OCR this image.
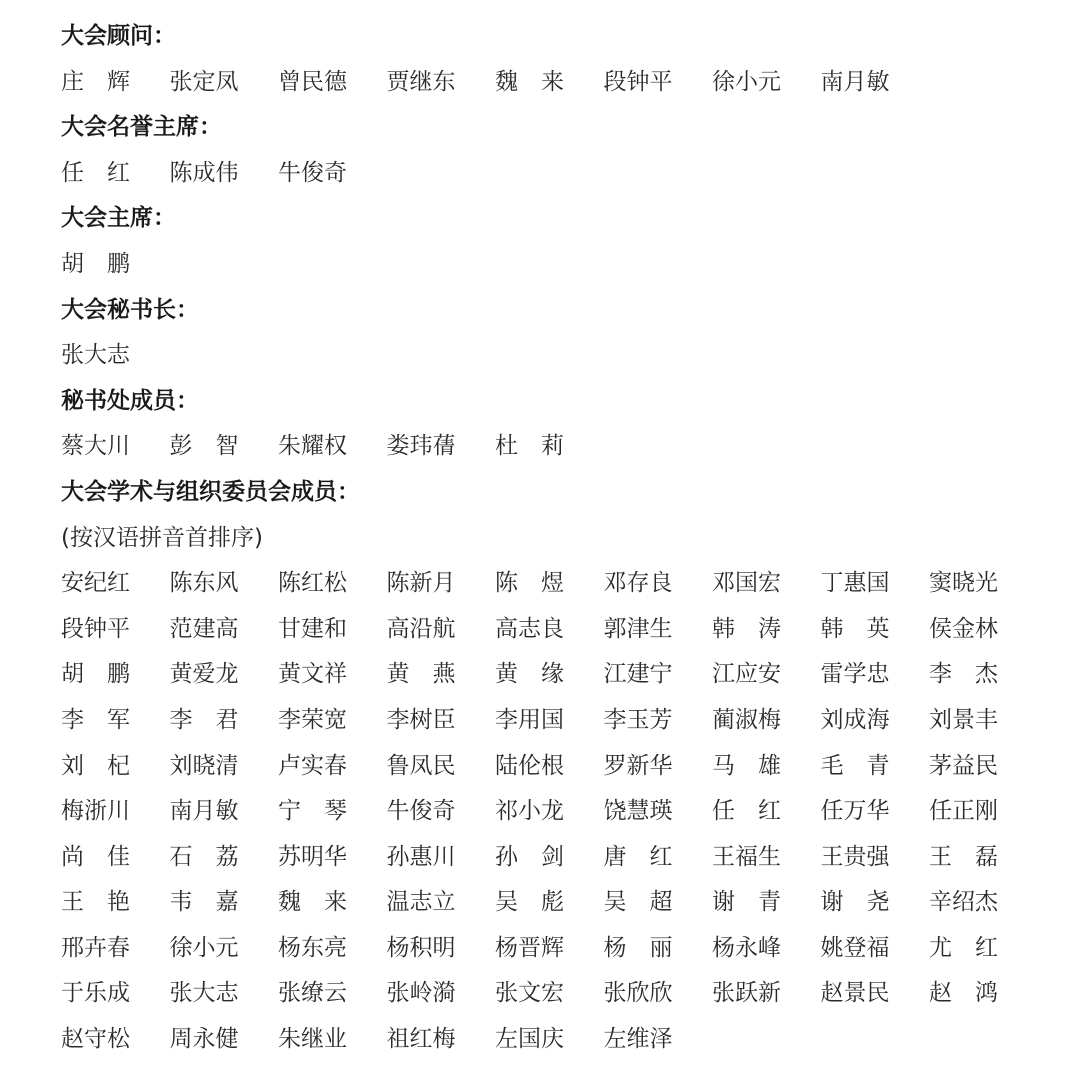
大会顾问：
庄　辉	张定凤	曾民德	贾继东	魏　来	段钟平	徐小元	南月敏
大会名誉主席：
任　红	陈成伟	牛俊奇
大会主席：
胡　鹏
大会秘书长：
张大志
秘书处成员：
蔡大川	彭　智	朱耀权	娄玮蒨	杜　莉
大会学术与组织委员会成员：
(按汉语拼音首排序)
安纪红	陈东风	陈红松	陈新月	陈　煜	邓存良	邓国宏	丁惠国	窦晓光
段钟平	范建高	甘建和	高沿航	高志良	郭津生	韩　涛	韩　英	侯金林
胡　鹏	黄爱龙	黄文祥	黄　燕	黄　缘	江建宁	江应安	雷学忠	李　杰
李　军	李　君	李荣宽	李树臣	李用国	李玉芳	蔺淑梅	刘成海	刘景丰
刘　杞	刘晓清	卢实春	鲁凤民	陆伦根	罗新华	马　雄	毛　青	茅益民
梅浙川	南月敏	宁　琴	牛俊奇	祁小龙	饶慧瑛	任　红	任万华	任正刚
尚　佳	石　荔	苏明华	孙惠川	孙　剑	唐　红	王福生	王贵强	王　磊
王　艳	韦　嘉	魏　来	温志立	吴　彪	吴　超	谢　青	谢　尧	辛绍杰
邢卉春	徐小元	杨东亮	杨积明	杨晋辉	杨　丽	杨永峰	姚登福	尤　红
于乐成	张大志	张缭云	张岭漪	张文宏	张欣欣	张跃新	赵景民	赵　鸿
赵守松	周永健	朱继业	祖红梅	左国庆	左维泽
